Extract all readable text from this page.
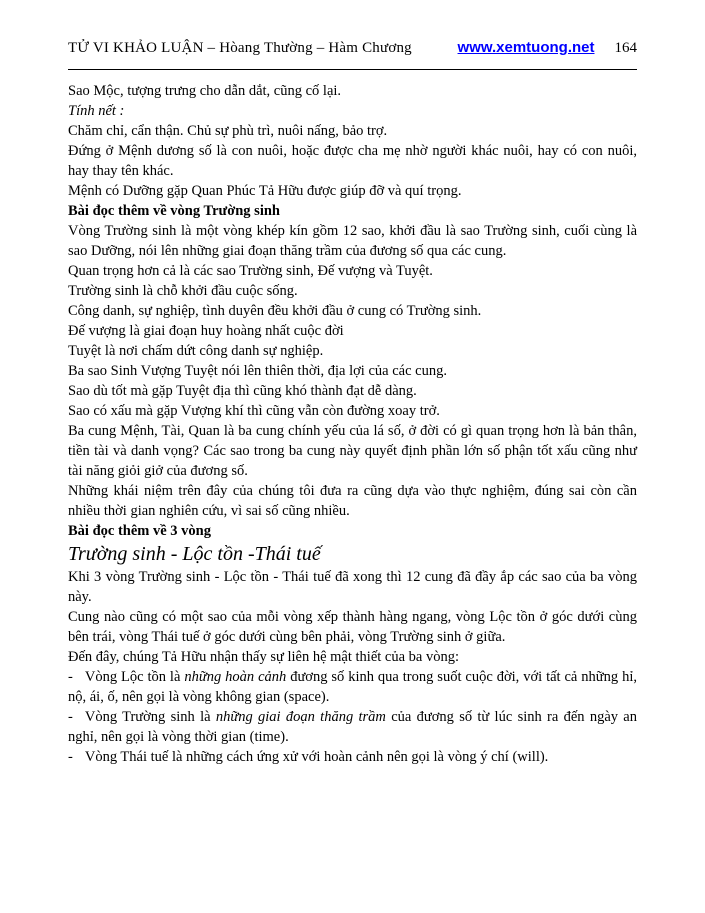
TỬ VI KHẢO LUẬN – Hòang Thường – Hàm Chương	www.xemtuong.net 164

Sao Mộc, tượng trưng cho dẫn dắt, cũng cố lại.

Tính nết :

Chăm chỉ, cẩn thận. Chủ sự phù trì, nuôi nấng, bảo trợ.

Đứng ở Mệnh dương số là con nuôi, hoặc được cha mẹ nhờ người khác nuôi, hay có con nuôi, hay thay tên khác.

Mệnh có Dưỡng gặp Quan Phúc Tả Hữu được giúp đỡ và quí trọng.

Bài đọc thêm về vòng Trường sinh

Vòng Trường sinh là một vòng khép kín gồm 12 sao, khởi đầu là sao Trường sinh, cuối cùng là sao Dưỡng, nói lên những giai đoạn thăng trầm của đương số qua các cung.

Quan trọng hơn cả là các sao Trường sinh, Đế vượng và Tuyệt.

Trường sinh là chỗ khởi đầu cuộc sống.

Công danh, sự nghiệp, tình duyên đều khởi đầu ở cung có Trường sinh.

Đế vượng là giai đoạn huy hoàng nhất cuộc đời

Tuyệt là nơi chấm dứt công danh sự nghiệp.

Ba sao Sinh Vượng Tuyệt nói lên thiên thời, địa lợi của các cung.

Sao dù tốt mà gặp Tuyệt địa thì cũng khó thành đạt dễ dàng.

Sao có xấu mà gặp Vượng khí thì cũng vẫn còn đường xoay trở.

Ba cung Mệnh, Tài, Quan là ba cung chính yếu của lá số, ở đời có gì quan trọng hơn là bản thân, tiền tài và danh vọng? Các sao trong ba cung này quyết định phần lớn số phận tốt xấu cũng như tài năng giỏi giở của đương số.

Những khái niệm trên đây của chúng tôi đưa ra cũng dựa vào thực nghiệm, đúng sai còn cần nhiều thời gian nghiên cứu, vì sai số cũng nhiều.

Bài đọc thêm về 3 vòng

Trường sinh - Lộc tồn -Thái tuế

Khi 3 vòng Trường sinh - Lộc tồn - Thái tuế đã xong thì 12 cung đã đầy ắp các sao của ba vòng này.

Cung nào cũng có một sao của mỗi vòng xếp thành hàng ngang, vòng Lộc tồn ở góc dưới cùng bên trái, vòng Thái tuế ở góc dưới cùng bên phải, vòng Trường sinh ở giữa.

Đến đây, chúng Tả Hữu nhận thấy sự liên hệ mật thiết của ba vòng:

- Vòng Lộc tồn là những hoàn cảnh đương số kinh qua trong suốt cuộc đời, với tất cả những hỉ, nộ, ái, ố, nên gọi là vòng không gian (space).

- Vòng Trường sinh là những giai đoạn thăng trầm của đương số từ lúc sinh ra đến ngày an nghỉ, nên gọi là vòng thời gian (time).

- Vòng Thái tuế là những cách ứng xử với hoàn cảnh nên gọi là vòng ý chí (will).
